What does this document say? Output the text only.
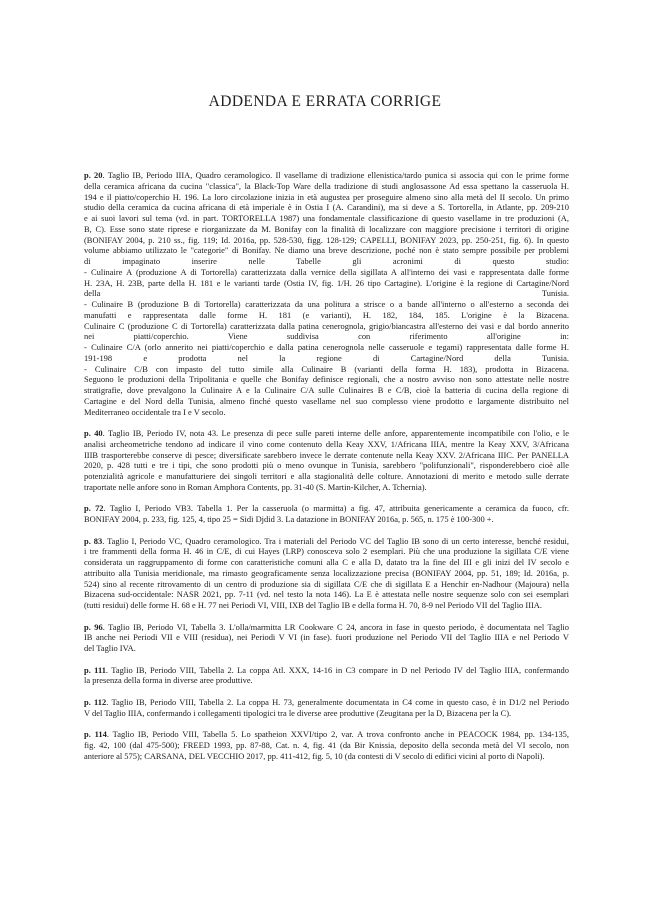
ADDENDA E ERRATA CORRIGE
p. 20. Taglio IB, Periodo IIIA, Quadro ceramologico. Il vasellame di tradizione ellenistica/tardo punica si associa qui con le prime forme
della ceramica africana da cucina "classica", la Black-Top Ware della tradizione di studi anglosassone Ad essa spettano la casseruola H.
194 e il piatto/coperchio H. 196. La loro circolazione inizia in età augustea per proseguire almeno sino alla metà del II secolo. Un primo
studio della ceramica da cucina africana di età imperiale è in Ostia I (A. Carandini), ma si deve a S. Tortorella, in Atlante, pp. 209-210
e ai suoi lavori sul tema (vd. in part. TORTORELLA 1987) una fondamentale classificazione di questo vasellame in tre produzioni (A,
B, C). Esse sono state riprese e riorganizzate da M. Bonifay con la finalità di localizzare con maggiore precisione i territori di origine
(BONIFAY 2004, p. 210 ss., fig. 119; Id. 2016a, pp. 528-530, figg. 128-129; CAPELLI, BONIFAY 2023, pp. 250-251, fig. 6). In questo
volume abbiamo utilizzato le "categorie" di Bonifay. Ne diamo una breve descrizione, poché non è stato sempre possibile per problemi
di impaginato inserire nelle Tabelle gli acronimi di questo studio:
- Culinaire A (produzione A di Tortorella) caratterizzata dalla vernice della sigillata A all'interno dei vasi e rappresentata dalle forme
H. 23A, H. 23B, parte della H. 181 e le varianti tarde (Ostia IV, fig. 1/H. 26 tipo Cartagine). L'origine è la regione di Cartagine/Nord
della Tunisia.
- Culinaire B (produzione B di Tortorella) caratterizzata da una politura a strisce o a bande all'interno o all'esterno a seconda dei
manufatti e rappresentata dalle forme H. 181 (e varianti), H. 182, 184, 185. L'origine è la Bizacena.
Culinaire C (produzione C di Tortorella) caratterizzata dalla patina cenerognola, grigio/biancastra all'esterno dei vasi e dal bordo annerito
nei piatti/coperchio. Viene suddivisa con riferimento all'origine in:
- Culinaire C/A (orlo annerito nei piatti/coperchio e dalla patina cenerognola nelle casseruole e tegami) rappresentata dalle forme H.
191-198 e prodotta nel la regione di Cartagine/Nord della Tunisia.
- Culinaire C/B con impasto del tutto simile alla Culinaire B (varianti della forma H. 183), prodotta in Bizacena.
Seguono le produzioni della Tripolitania e quelle che Bonifay definisce regionali, che a nostro avviso non sono attestate nelle nostre
stratigrafie, dove prevalgono la Culinaire A e la Culinaire C/A sulle Culinaires B e C/B, cioè la batteria di cucina della regione di
Cartagine e del Nord della Tunisia, almeno finché questo vasellame nel suo complesso viene prodotto e largamente distribuito nel
Mediterraneo occidentale tra I e V secolo.
p. 40. Taglio IB, Periodo IV, nota 43. Le presenza di pece sulle pareti interne delle anfore, apparentemente incompatibile con l'olio, e le
analisi archeometriche tendono ad indicare il vino come contenuto della Keay XXV, 1/Africana IIIA, mentre la Keay XXV, 3/Africana
IIIB trasporterebbe conserve di pesce; diversificate sarebbero invece le derrate contenute nella Keay XXV. 2/Africana IIIC. Per PANELLA
2020, p. 428 tutti e tre i tipi, che sono prodotti più o meno ovunque in Tunisia, sarebbero "polifunzionali", risponderebbero cioè alle
potenzialità agricole e manufatturiere dei singoli territori e alla stagionalità delle colture. Annotazioni di merito e metodo sulle derrate
traportate nelle anfore sono in Roman Amphora Contents, pp. 31-40 (S. Martin-Kilcher, A. Tchernia).
p. 72. Taglio I, Periodo VB3. Tabella 1. Per la casseruola (o marmitta) a fig. 47, attribuita genericamente a ceramica da fuoco, cfr.
BONIFAY 2004, p. 233, fig. 125, 4, tipo 25 = Sidi Djdid 3. La datazione in BONIFAY 2016a, p. 565, n. 175 è 100-300 +.
p. 83. Taglio I, Periodo VC, Quadro ceramologico. Tra i materiali del Periodo VC del Taglio IB sono di un certo interesse, benché residui,
i tre frammenti della forma H. 46 in C/E, di cui Hayes (LRP) conosceva solo 2 esemplari. Più che una produzione la sigillata C/E viene
considerata un raggruppamento di forme con caratteristiche comuni alla C e alla D, datato tra la fine del III e gli inizi del IV secolo e
attribuito alla Tunisia meridionale, ma rimasto geograficamente senza localizzazione precisa (BONIFAY 2004, pp. 51, 189; Id. 2016a, p.
524) sino al recente ritrovamento di un centro di produzione sia di sigillata C/E che di sigillata E a Henchir en-Nadhour (Majoura) nella
Bizacena sud-occidentale: NASR 2021, pp. 7-11 (vd. nel testo la nota 146). La E è attestata nelle nostre sequenze solo con sei esemplari
(tutti residui) delle forme H. 68 e H. 77 nei Periodi VI, VIII, IXB del Taglio IB e della forma H. 70, 8-9 nel Periodo VII del Taglio IIIA.
p. 96. Taglio IB, Periodo VI, Tabella 3. L'olla/marmitta LR Cookware C 24, ancora in fase in questo periodo, è documentata nel Taglio
IB anche nei Periodi VII e VIII (residua), nei Periodi V VI (in fase). fuori produzione nel Periodo VII del Taglio IIIA e nel Periodo V
del Taglio IVA.
p. 111. Taglio IB, Periodo VIII, Tabella 2. La coppa Atl. XXX, 14-16 in C3 compare in D nel Periodo IV del Taglio IIIA, confermando
la presenza della forma in diverse aree produttive.
p. 112. Taglio IB, Periodo VIII, Tabella 2. La coppa H. 73, generalmente documentata in C4 come in questo caso, è in D1/2 nel Periodo
V del Taglio IIIA, confermando i collegamenti tipologici tra le diverse aree produttive (Zeugitana per la D, Bizacena per la C).
p. 114. Taglio IB, Periodo VIII, Tabella 5. Lo spatheion XXVI/tipo 2, var. A trova confronto anche in PEACOCK 1984, pp. 134-135,
fig. 42, 100 (dal 475-500); FREED 1993, pp. 87-88, Cat. n. 4, fig. 41 (da Bir Knissia, deposito della seconda metà del VI secolo, non
anteriore al 575); CARSANA, DEL VECCHIO 2017, pp. 411-412, fig. 5, 10 (da contesti di V secolo di edifici vicini al porto di Napoli).
